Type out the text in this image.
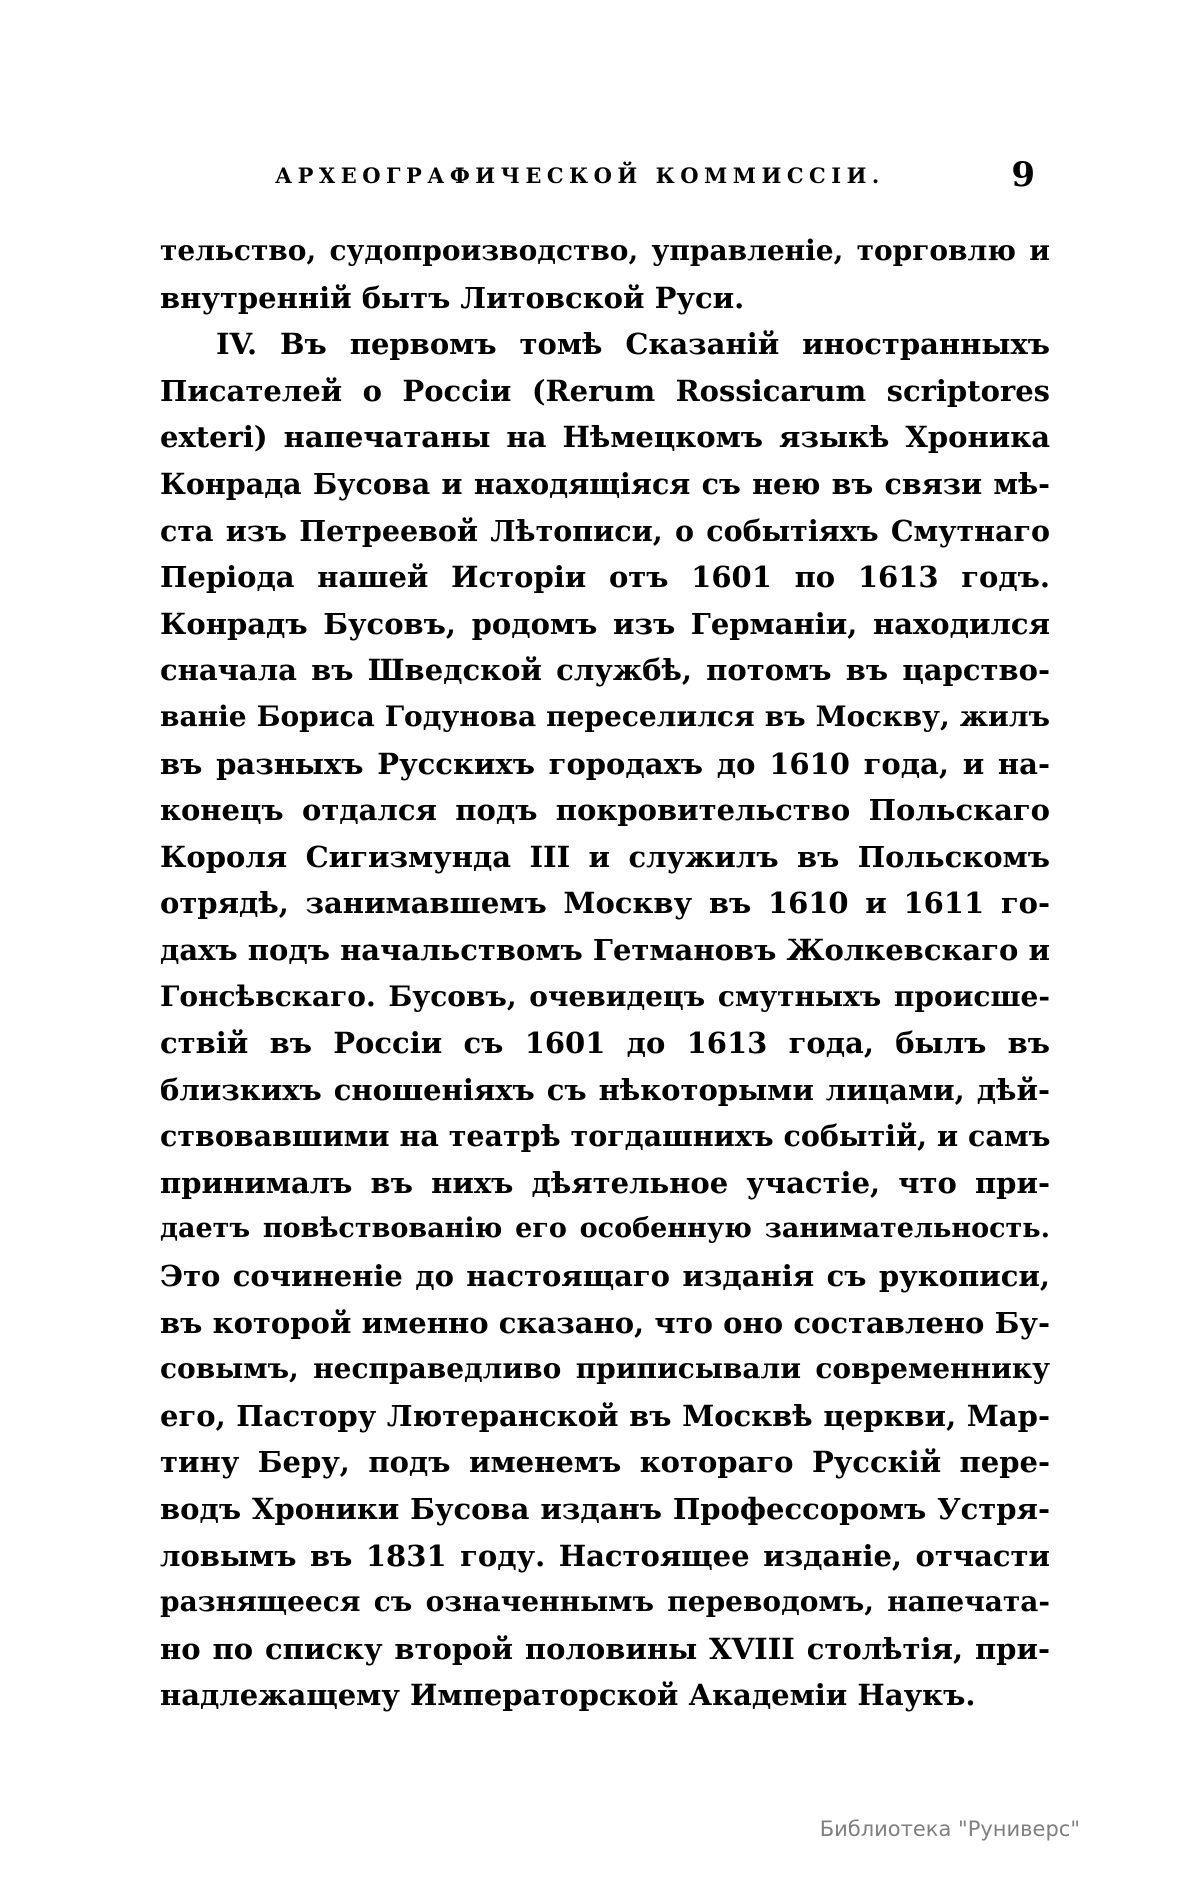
АРХЕОГРАФИЧЕСКОЙ КОММИССІИ.	9
тельство, судопроизводство, управленіе, торговлю и
внутренній бытъ Литовской Руси.
IV. Въ первомъ томѣ Сказаній иностранныхъ
Писателей о Россіи (Rerum Rossicarum scriptores
exteri) напечатаны на Нѣмецкомъ языкѣ Хроника
Конрада Бусова и находящіяся съ нею въ связи мѣ-
ста изъ Петреевой Лѣтописи, о событіяхъ Смутнаго
Періода нашей Исторіи отъ 1601 по 1613 годъ.
Конрадъ Бусовъ, родомъ изъ Германіи, находился
сначала въ Шведской службѣ, потомъ въ царство-
ваніе Бориса Годунова переселился въ Москву, жилъ
въ разныхъ Русскихъ городахъ до 1610 года, и на-
конецъ отдался подъ покровительство Польскаго
Короля Сигизмунда III и служилъ въ Польскомъ
отрядѣ, занимавшемъ Москву въ 1610 и 1611 го-
дахъ подъ начальствомъ Гетмановъ Жолкевскаго и
Гонсѣвскаго. Бусовъ, очевидецъ смутныхъ происше-
ствій въ Россіи съ 1601 до 1613 года, былъ въ
близкихъ сношеніяхъ съ нѣкоторыми лицами, дѣй-
ствовавшими на театрѣ тогдашнихъ событій, и самъ
принималъ въ нихъ дѣятельное участіе, что при-
даетъ повѣствованію его особенную занимательность.
Это сочиненіе до настоящаго изданія съ рукописи,
въ которой именно сказано, что оно составлено Бу-
совымъ, несправедливо приписывали современнику
его, Пастору Лютеранской въ Москвѣ церкви, Мар-
тину Беру, подъ именемъ котораго Русскій пере-
водъ Хроники Бусова изданъ Профессоромъ Устря-
ловымъ въ 1831 году. Настоящее изданіе, отчасти
разнящееся съ означеннымъ переводомъ, напечата-
но по списку второй половины XVIII столѣтія, при-
надлежащему Императорской Академіи Наукъ.
Библиотека "Руниверс"
